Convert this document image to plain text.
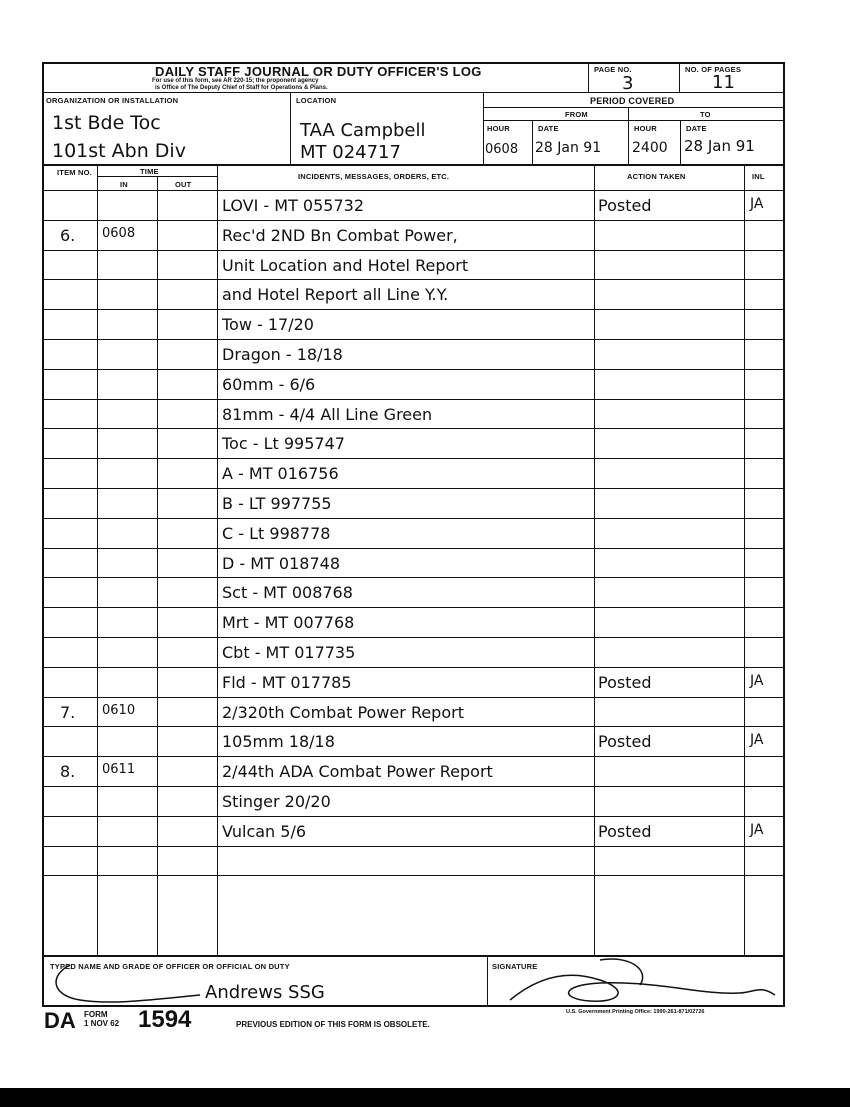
DAILY STAFF JOURNAL OR DUTY OFFICER'S LOG
For use of this form, see AR 220-15; the proponent agency
is Office of The Deputy Chief of Staff for Operations & Plans.
PAGE NO.
3
NO. OF PAGES
11
ORGANIZATION OR INSTALLATION	LOCATION	PERIOD COVERED
FROM	TO
HOUR	DATE	HOUR	DATE
1st Bde Toc
101st Abn Div
TAA Campbell
MT 024717	0608 28 Jan 91 2400 28 Jan 91
ITEM NO.	TIME
IN	OUT
INCIDENTS, MESSAGES, ORDERS, ETC.	ACTION TAKEN	INL
LOVI - MT 055732	Posted	JA
6. 0608	Rec'd 2ND Bn Combat Power,
Unit Location and Hotel Report
and Hotel Report all Line Y.Y.
Tow - 17/20
Dragon - 18/18
60mm - 6/6
81mm - 4/4 All Line Green
Toc - Lt 995747
A - MT 016756
B - LT 997755
C - Lt 998778
D - MT 018748
Sct - MT 008768
Mrt - MT 007768
Cbt - MT 017735
Fld - MT 017785	Posted	JA
7. 0610	2/320th Combat Power Report
105mm 18/18	Posted	JA
8. 0611	2/44th ADA Combat Power Report
Stinger 20/20
Vulcan 5/6	Posted	JA
TYPED NAME AND GRADE OF OFFICER OR OFFICIAL ON DUTY	SIGNATURE
Andrews SSG
DA FORM
1 NOV 62 1594	PREVIOUS EDITION OF THIS FORM IS OBSOLETE.
U.S. Government Printing Office: 1990-261-871/02726
